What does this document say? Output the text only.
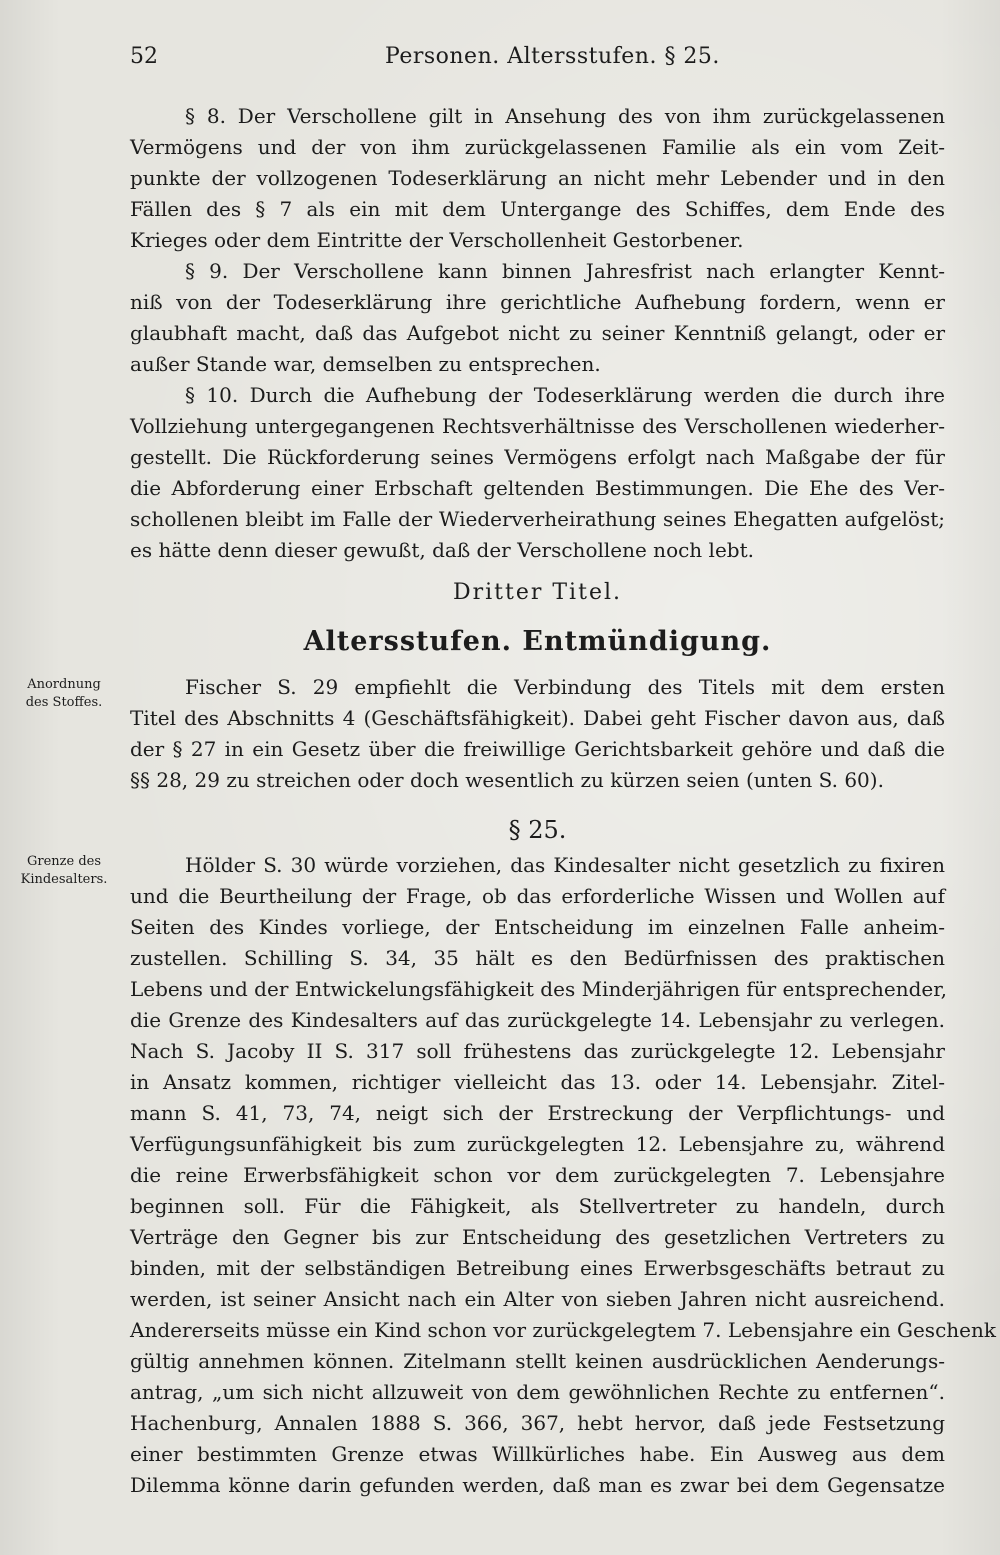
52	Personen. Altersstufen. § 25.
§ 8. Der Verschollene gilt in Ansehung des von ihm zurückgelassenen
Vermögens und der von ihm zurückgelassenen Familie als ein vom Zeit-
punkte der vollzogenen Todeserklärung an nicht mehr Lebender und in den
Fällen des § 7 als ein mit dem Untergange des Schiffes, dem Ende des
Krieges oder dem Eintritte der Verschollenheit Gestorbener.
§ 9. Der Verschollene kann binnen Jahresfrist nach erlangter Kennt-
niß von der Todeserklärung ihre gerichtliche Aufhebung fordern, wenn er
glaubhaft macht, daß das Aufgebot nicht zu seiner Kenntniß gelangt, oder er
außer Stande war, demselben zu entsprechen.
§ 10. Durch die Aufhebung der Todeserklärung werden die durch ihre
Vollziehung untergegangenen Rechtsverhältnisse des Verschollenen wiederher-
gestellt. Die Rückforderung seines Vermögens erfolgt nach Maßgabe der für
die Abforderung einer Erbschaft geltenden Bestimmungen. Die Ehe des Ver-
schollenen bleibt im Falle der Wiederverheirathung seines Ehegatten aufgelöst;
es hätte denn dieser gewußt, daß der Verschollene noch lebt.
Dritter Titel.
Altersstufen. Entmündigung.
Anordnung
des Stoffes.
Fischer S. 29 empfiehlt die Verbindung des Titels mit dem ersten
Titel des Abschnitts 4 (Geschäftsfähigkeit). Dabei geht Fischer davon aus, daß
der § 27 in ein Gesetz über die freiwillige Gerichtsbarkeit gehöre und daß die
§§ 28, 29 zu streichen oder doch wesentlich zu kürzen seien (unten S. 60).
§ 25.
Grenze des
Kindesalters.
Hölder S. 30 würde vorziehen, das Kindesalter nicht gesetzlich zu fixiren
und die Beurtheilung der Frage, ob das erforderliche Wissen und Wollen auf
Seiten des Kindes vorliege, der Entscheidung im einzelnen Falle anheim-
zustellen. Schilling S. 34, 35 hält es den Bedürfnissen des praktischen
Lebens und der Entwickelungsfähigkeit des Minderjährigen für entsprechender,
die Grenze des Kindesalters auf das zurückgelegte 14. Lebensjahr zu verlegen.
Nach S. Jacoby II S. 317 soll frühestens das zurückgelegte 12. Lebensjahr
in Ansatz kommen, richtiger vielleicht das 13. oder 14. Lebensjahr. Zitel-
mann S. 41, 73, 74, neigt sich der Erstreckung der Verpflichtungs- und
Verfügungsunfähigkeit bis zum zurückgelegten 12. Lebensjahre zu, während
die reine Erwerbsfähigkeit schon vor dem zurückgelegten 7. Lebensjahre
beginnen soll. Für die Fähigkeit, als Stellvertreter zu handeln, durch
Verträge den Gegner bis zur Entscheidung des gesetzlichen Vertreters zu
binden, mit der selbständigen Betreibung eines Erwerbsgeschäfts betraut zu
werden, ist seiner Ansicht nach ein Alter von sieben Jahren nicht ausreichend.
Andererseits müsse ein Kind schon vor zurückgelegtem 7. Lebensjahre ein Geschenk
gültig annehmen können. Zitelmann stellt keinen ausdrücklichen Aenderungs-
antrag, „um sich nicht allzuweit von dem gewöhnlichen Rechte zu entfernen“.
Hachenburg, Annalen 1888 S. 366, 367, hebt hervor, daß jede Festsetzung
einer bestimmten Grenze etwas Willkürliches habe. Ein Ausweg aus dem
Dilemma könne darin gefunden werden, daß man es zwar bei dem Gegensatze
